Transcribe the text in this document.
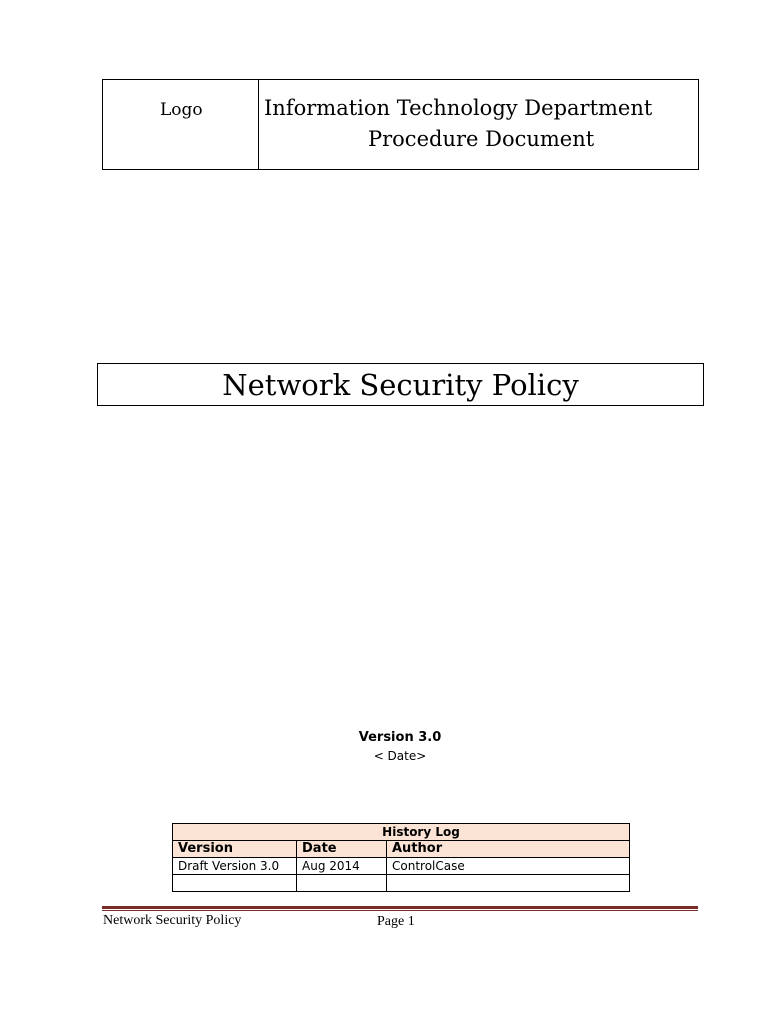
Logo	Information Technology Department
Procedure Document
Network Security Policy
Version 3.0
< Date>
History Log		
Version	Date	Author
Draft Version 3.0	Aug 2014	ControlCase

Network Security Policy	Page 1
